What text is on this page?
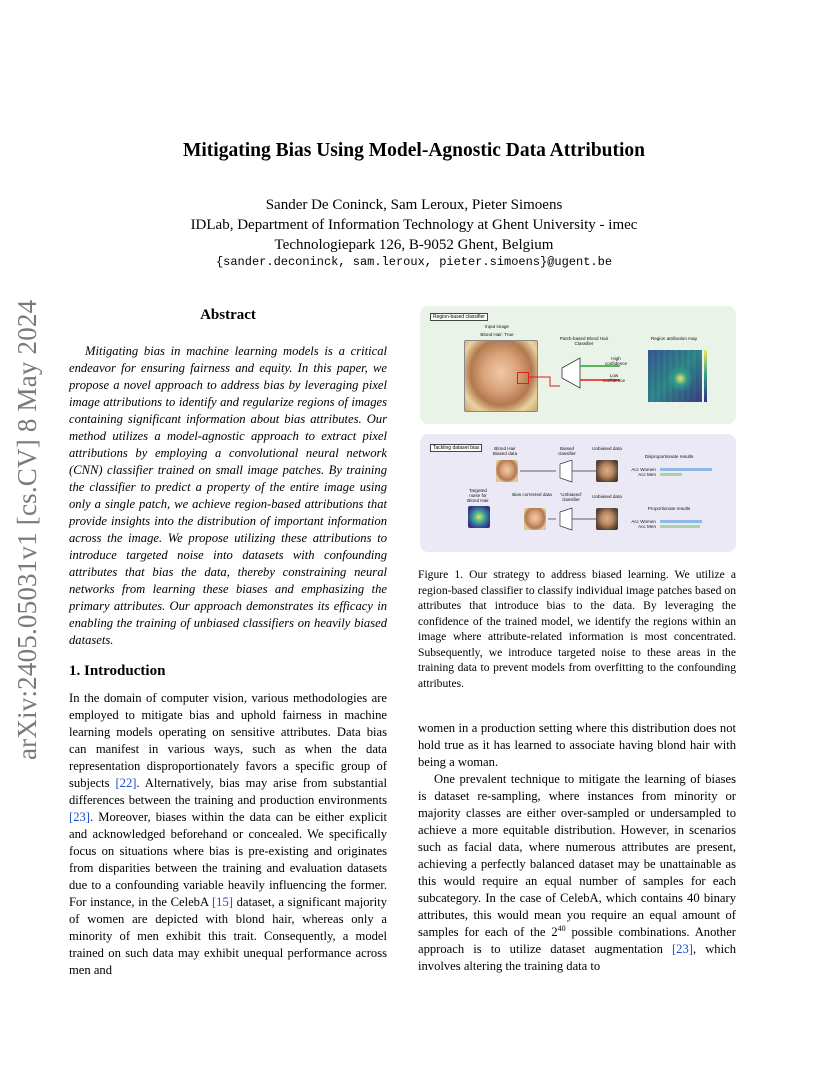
arXiv:2405.05031v1 [cs.CV] 8 May 2024
Mitigating Bias Using Model-Agnostic Data Attribution
Sander De Coninck, Sam Leroux, Pieter Simoens
IDLab, Department of Information Technology at Ghent University - imec
Technologiepark 126, B-9052 Ghent, Belgium
{sander.deconinck, sam.leroux, pieter.simoens}@ugent.be
Abstract
Mitigating bias in machine learning models is a critical endeavor for ensuring fairness and equity. In this paper, we propose a novel approach to address bias by leveraging pixel image attributions to identify and regularize regions of images containing significant information about bias attributes. Our method utilizes a model-agnostic approach to extract pixel attributions by employing a convolutional neural network (CNN) classifier trained on small image patches. By training the classifier to predict a property of the entire image using only a single patch, we achieve region-based attributions that provide insights into the distribution of important information across the image. We propose utilizing these attributions to introduce targeted noise into datasets with confounding attributes that bias the data, thereby constraining neural networks from learning these biases and emphasizing the primary attributes. Our approach demonstrates its efficacy in enabling the training of unbiased classifiers on heavily biased datasets.
1. Introduction
In the domain of computer vision, various methodologies are employed to mitigate bias and uphold fairness in machine learning models operating on sensitive attributes. Data bias can manifest in various ways, such as when the data representation disproportionately favors a specific group of subjects [22]. Alternatively, bias may arise from substantial differences between the training and production environments [23]. Moreover, biases within the data can be either explicit and acknowledged beforehand or concealed. We specifically focus on situations where bias is pre-existing and originates from disparities between the training and evaluation datasets due to a confounding variable heavily influencing the former. For instance, in the CelebA [15] dataset, a significant majority of women are depicted with blond hair, whereas only a minority of men exhibit this trait. Consequently, a model trained on such data may exhibit unequal performance across men and
Region-based classifier
Input image
Blond Hair: True
Patch-based Blond Hair Classifier
High confidence
Low confidence
Region attribution map
Tackling dataset bias	Blond Hair Biased data
Biased classifier
Unbiased data
Disproportionate results
Acc Women
Acc Men
Targeted noise for Blond Hair
Bias corrected data	'Unbiased' classifier
Unbiased data
Proportionate results
Acc Women
Acc Men
Figure 1. Our strategy to address biased learning. We utilize a region-based classifier to classify individual image patches based on attributes that introduce bias to the data. By leveraging the confidence of the trained model, we identify the regions within an image where attribute-related information is most concentrated. Subsequently, we introduce targeted noise to these areas in the training data to prevent models from overfitting to the confounding attributes.

women in a production setting where this distribution does not hold true as it has learned to associate having blond hair with being a woman.

One prevalent technique to mitigate the learning of biases is dataset re-sampling, where instances from minority or majority classes are either over-sampled or undersampled to achieve a more equitable distribution. However, in scenarios such as facial data, where numerous attributes are present, achieving a perfectly balanced dataset may be unattainable as this would require an equal number of samples for each subcategory. In the case of CelebA, which contains 40 binary attributes, this would mean you require an equal amount of samples for each of the $2^{40}$ possible combinations. Another approach is to utilize dataset augmentation [23], which involves altering the training data to
